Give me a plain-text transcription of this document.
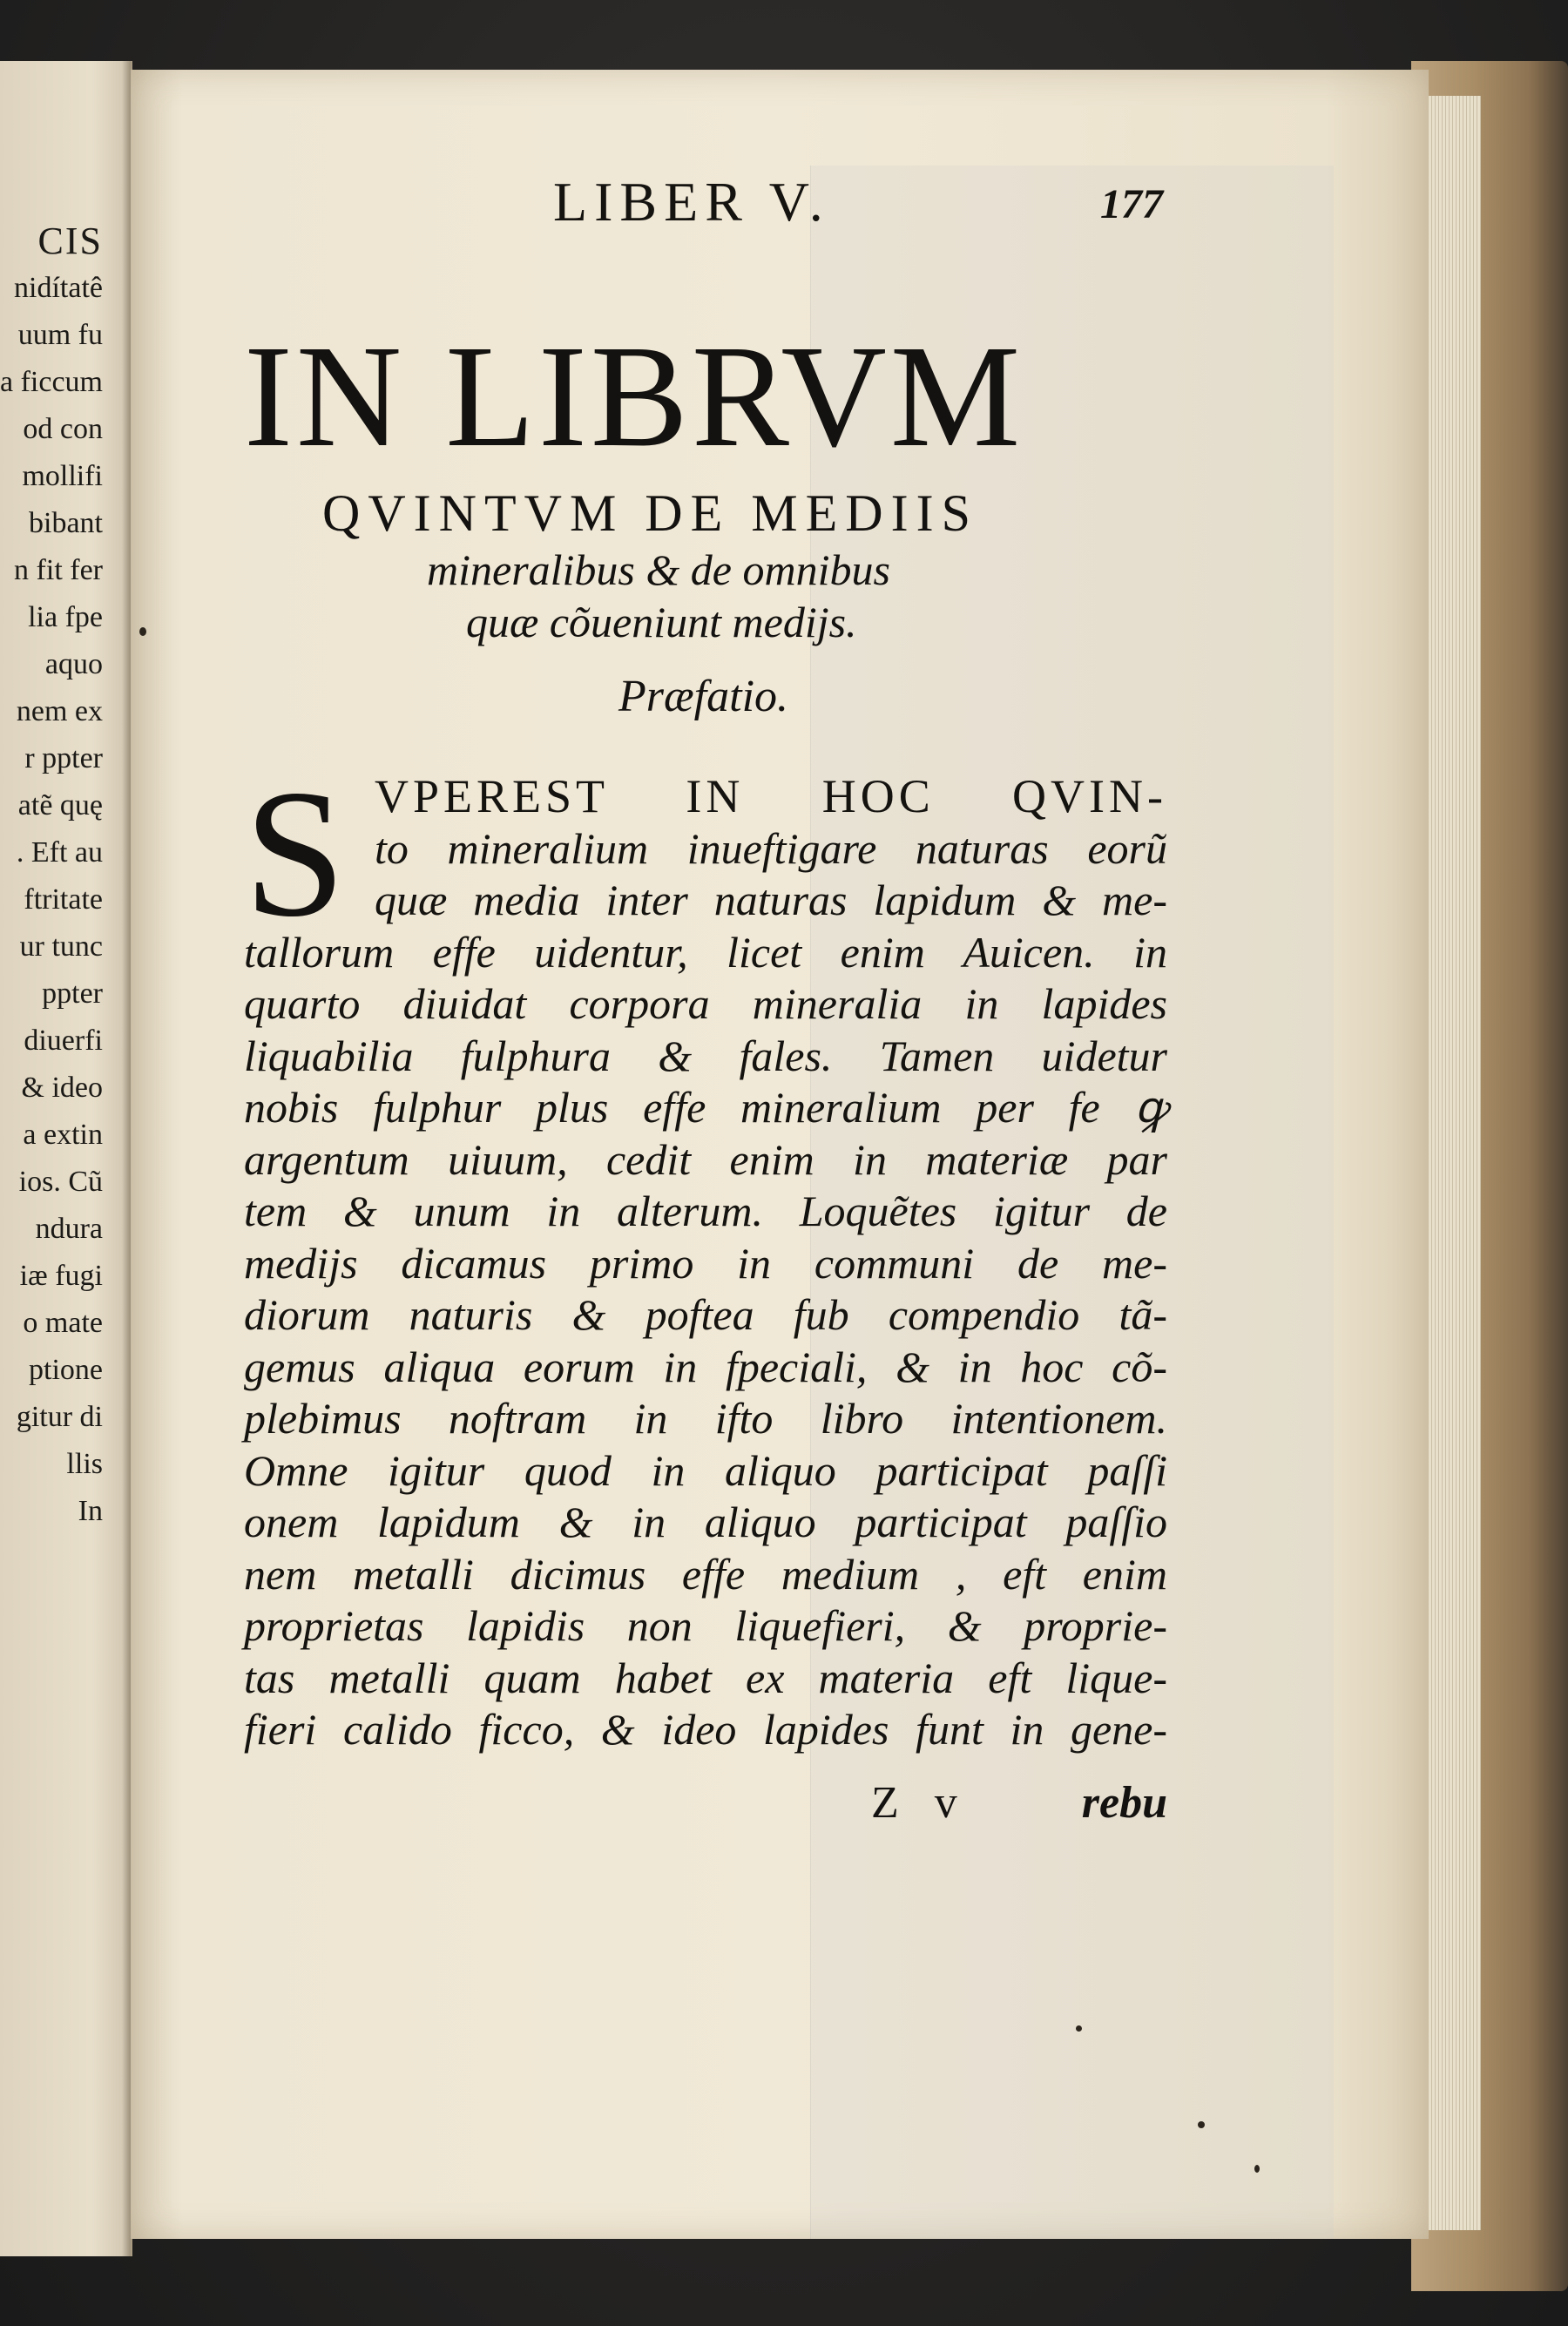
CIS
nidítatê
uum fu
a ficcum
od con
mollifi
bibant
n fit fer
lia fpe
aquo
nem ex
r ppter
atẽ quę
. Eft au
ftritate
ur tunc
ppter
diuerfi
& ideo
a extin
ios. Cũ
ndura
iæ fugi
o mate
ptione
gitur di
llis
In
LIBER V.	177
IN LIBRVM
QVINTVM DE MEDIIS
mineralibus & de omnibus
quæ cõueniunt medijs.
Præfatio.
S VPEREST IN HOC QVIN-
to mineralium inueftigare naturas eorũ
quæ media inter naturas lapidum & me-
tallorum effe uidentur, licet enim Auicen. in
quarto diuidat corpora mineralia in lapides
liquabilia fulphura & fales. Tamen uidetur
nobis fulphur plus effe mineralium per fe ꝙ
argentum uiuum, cedit enim in materiæ par
tem & unum in alterum. Loquẽtes igitur de
medijs dicamus primo in communi de me-
diorum naturis & poftea fub compendio tã-
gemus aliqua eorum in fpeciali, & in hoc cõ-
plebimus noftram in ifto libro intentionem.
Omne igitur quod in aliquo participat paſſi
onem lapidum & in aliquo participat paſſio
nem metalli dicimus effe medium , eft enim
proprietas lapidis non liquefieri, & proprie-
tas metalli quam habet ex materia eft lique-
fieri calido ficco, & ideo lapides funt in gene-
Z v rebu
